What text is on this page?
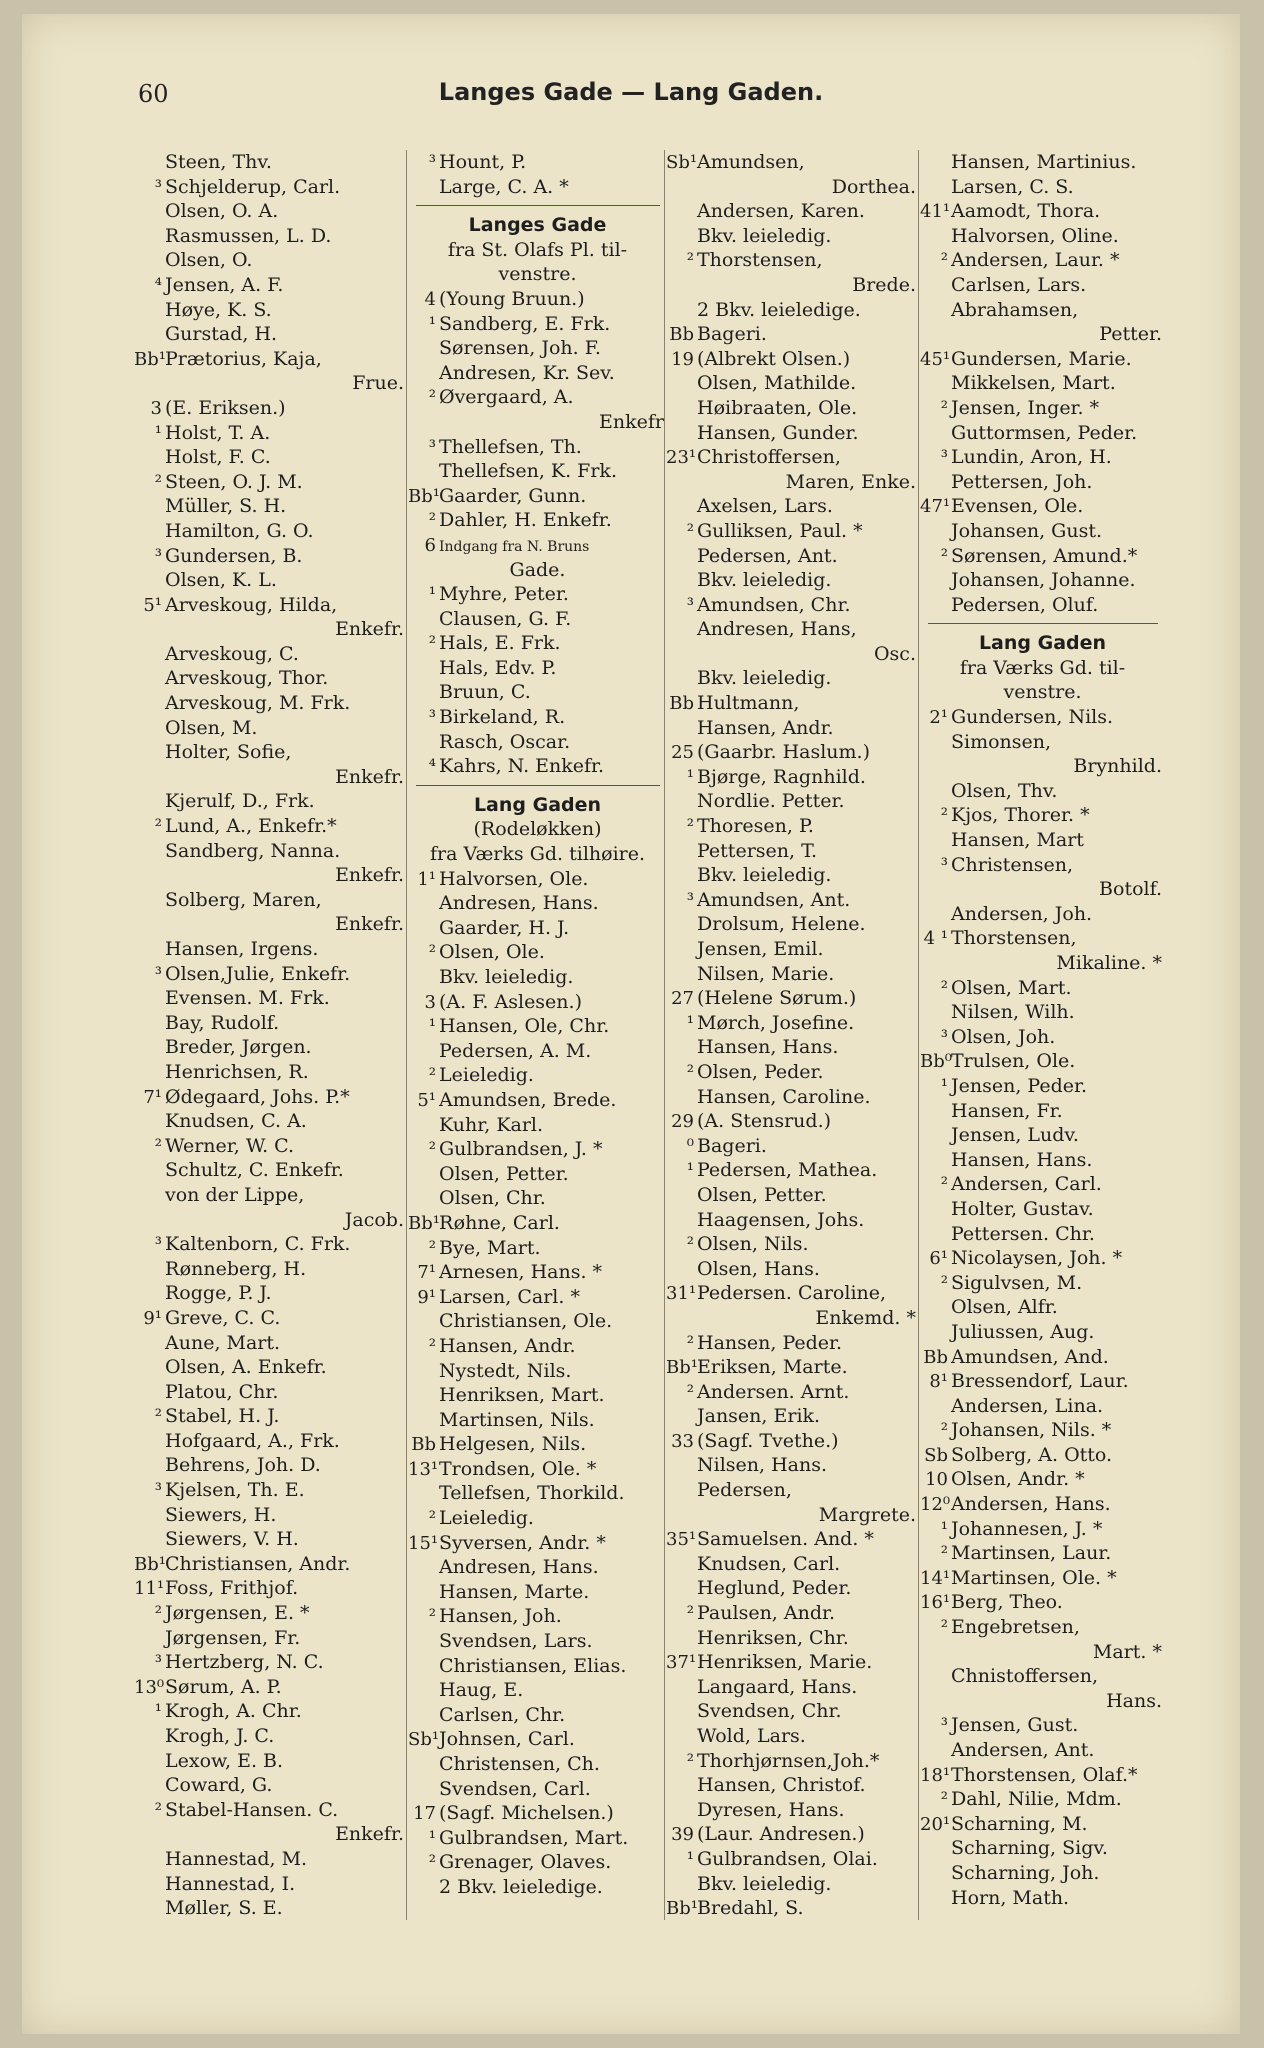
60	Langes Gade — Lang Gaden.
Steen, Thv.
³ Schjelderup, Carl.
Olsen, O. A.
Rasmussen, L. D.
Olsen, O.
⁴ Jensen, A. F.
Høye, K. S.
Gurstad, H.
Bb¹Prætorius, Kaja,
Frue.
3 (E. Eriksen.)
¹ Holst, T. A.
Holst, F. C.
² Steen, O. J. M.
Müller, S. H.
Hamilton, G. O.
³ Gundersen, B.
Olsen, K. L.
5¹ Arveskoug, Hilda,
Enkefr.
Arveskoug, C.
Arveskoug, Thor.
Arveskoug, M. Frk.
Olsen, M.
Holter, Sofie,
Enkefr.
Kjerulf, D., Frk.
² Lund, A., Enkefr.*
Sandberg, Nanna.
Enkefr.
Solberg, Maren,
Enkefr.
Hansen, Irgens.
³ Olsen,Julie, Enkefr.
Evensen. M. Frk.
Bay, Rudolf.
Breder, Jørgen.
Henrichsen, R.
7¹ Ødegaard, Johs. P.*
Knudsen, C. A.
² Werner, W. C.
Schultz, C. Enkefr.
von der Lippe,
Jacob.
³ Kaltenborn, C. Frk.
Rønneberg, H.
Rogge, P. J.
9¹ Greve, C. C.
Aune, Mart.
Olsen, A. Enkefr.
Platou, Chr.
² Stabel, H. J.
Hofgaard, A., Frk.
Behrens, Joh. D.
³ Kjelsen, Th. E.
Siewers, H.
Siewers, V. H.
Bb¹Christiansen, Andr.
11¹Foss, Frithjof.
² Jørgensen, E. *
Jørgensen, Fr.
³ Hertzberg, N. C.
13⁰Sørum, A. P.
¹ Krogh, A. Chr.
Krogh, J. C.
Lexow, E. B.
Coward, G.
² Stabel-Hansen. C.
Enkefr.
Hannestad, M.
Hannestad, I.
Møller, S. E.
³ Hount, P.
Large, C. A. *
Langes Gade
fra St. Olafs Pl. til-
venstre.
4 (Young Bruun.)
¹ Sandberg, E. Frk.
Sørensen, Joh. F.
Andresen, Kr. Sev.
² Øvergaard, A.
Enkefr
³ Thellefsen, Th.
Thellefsen, K. Frk.
Bb¹Gaarder, Gunn.
² Dahler, H. Enkefr.
6 Indgang fra N. Bruns
Gade.
¹ Myhre, Peter.
Clausen, G. F.
² Hals, E. Frk.
Hals, Edv. P.
Bruun, C.
³ Birkeland, R.
Rasch, Oscar.
⁴ Kahrs, N. Enkefr.
Lang Gaden
(Rodeløkken)
fra Værks Gd. tilhøire.
1¹ Halvorsen, Ole.
Andresen, Hans.
Gaarder, H. J.
² Olsen, Ole.
Bkv. leieledig.
3 (A. F. Aslesen.)
¹ Hansen, Ole, Chr.
Pedersen, A. M.
² Leieledig.
5¹ Amundsen, Brede.
Kuhr, Karl.
² Gulbrandsen, J. *
Olsen, Petter.
Olsen, Chr.
Bb¹Røhne, Carl.
² Bye, Mart.
7¹ Arnesen, Hans. *
9¹ Larsen, Carl. *
Christiansen, Ole.
² Hansen, Andr.
Nystedt, Nils.
Henriksen, Mart.
Martinsen, Nils.
Bb Helgesen, Nils.
13¹Trondsen, Ole. *
Tellefsen, Thorkild.
² Leieledig.
15¹Syversen, Andr. *
Andresen, Hans.
Hansen, Marte.
² Hansen, Joh.
Svendsen, Lars.
Christiansen, Elias.
Haug, E.
Carlsen, Chr.
Sb¹Johnsen, Carl.
Christensen, Ch.
Svendsen, Carl.
17 (Sagf. Michelsen.)
¹ Gulbrandsen, Mart.
² Grenager, Olaves.
2 Bkv. leieledige.
Sb¹Amundsen,
Dorthea.
Andersen, Karen.
Bkv. leieledig.
² Thorstensen,
Brede.
2 Bkv. leieledige.
Bb Bageri.
19 (Albrekt Olsen.)
Olsen, Mathilde.
Høibraaten, Ole.
Hansen, Gunder.
23¹Christoffersen,
Maren, Enke.
Axelsen, Lars.
² Gulliksen, Paul. *
Pedersen, Ant.
Bkv. leieledig.
³ Amundsen, Chr.
Andresen, Hans,
Osc.
Bkv. leieledig.
Bb Hultmann,
Hansen, Andr.
25 (Gaarbr. Haslum.)
¹ Bjørge, Ragnhild.
Nordlie. Petter.
² Thoresen, P.
Pettersen, T.
Bkv. leieledig.
³ Amundsen, Ant.
Drolsum, Helene.
Jensen, Emil.
Nilsen, Marie.
27 (Helene Sørum.)
¹ Mørch, Josefine.
Hansen, Hans.
² Olsen, Peder.
Hansen, Caroline.
29 (A. Stensrud.)
⁰ Bageri.
¹ Pedersen, Mathea.
Olsen, Petter.
Haagensen, Johs.
² Olsen, Nils.
Olsen, Hans.
31¹Pedersen. Caroline,
Enkemd. *
² Hansen, Peder.
Bb¹Eriksen, Marte.
² Andersen. Arnt.
Jansen, Erik.
33 (Sagf. Tvethe.)
Nilsen, Hans.
Pedersen,
Margrete.
35¹Samuelsen. And. *
Knudsen, Carl.
Heglund, Peder.
² Paulsen, Andr.
Henriksen, Chr.
37¹Henriksen, Marie.
Langaard, Hans.
Svendsen, Chr.
Wold, Lars.
² Thorhjørnsen,Joh.*
Hansen, Christof.
Dyresen, Hans.
39 (Laur. Andresen.)
¹ Gulbrandsen, Olai.
Bkv. leieledig.
Bb¹Bredahl, S.
Hansen, Martinius.
Larsen, C. S.
41¹Aamodt, Thora.
Halvorsen, Oline.
² Andersen, Laur. *
Carlsen, Lars.
Abrahamsen,
Petter.
45¹Gundersen, Marie.
Mikkelsen, Mart.
² Jensen, Inger. *
Guttormsen, Peder.
³ Lundin, Aron, H.
Pettersen, Joh.
47¹Evensen, Ole.
Johansen, Gust.
² Sørensen, Amund.*
Johansen, Johanne.
Pedersen, Oluf.
Lang Gaden
fra Værks Gd. til-
venstre.
2¹ Gundersen, Nils.
Simonsen,
Brynhild.
Olsen, Thv.
² Kjos, Thorer. *
Hansen, Mart
³ Christensen,
Botolf.
Andersen, Joh.
4 ¹ Thorstensen,
Mikaline. *
² Olsen, Mart.
Nilsen, Wilh.
³ Olsen, Joh.
Bb⁰Trulsen, Ole.
¹ Jensen, Peder.
Hansen, Fr.
Jensen, Ludv.
Hansen, Hans.
² Andersen, Carl.
Holter, Gustav.
Pettersen. Chr.
6¹ Nicolaysen, Joh. *
² Sigulvsen, M.
Olsen, Alfr.
Juliussen, Aug.
Bb Amundsen, And.
8¹ Bressendorf, Laur.
Andersen, Lina.
² Johansen, Nils. *
Sb Solberg, A. Otto.
10 Olsen, Andr. *
12⁰Andersen, Hans.
¹ Johannesen, J. *
² Martinsen, Laur.
14¹Martinsen, Ole. *
16¹Berg, Theo.
² Engebretsen,
Mart. *
Chnistoffersen,
Hans.
³ Jensen, Gust.
Andersen, Ant.
18¹Thorstensen, Olaf.*
² Dahl, Nilie, Mdm.
20¹Scharning, M.
Scharning, Sigv.
Scharning, Joh.
Horn, Math.
